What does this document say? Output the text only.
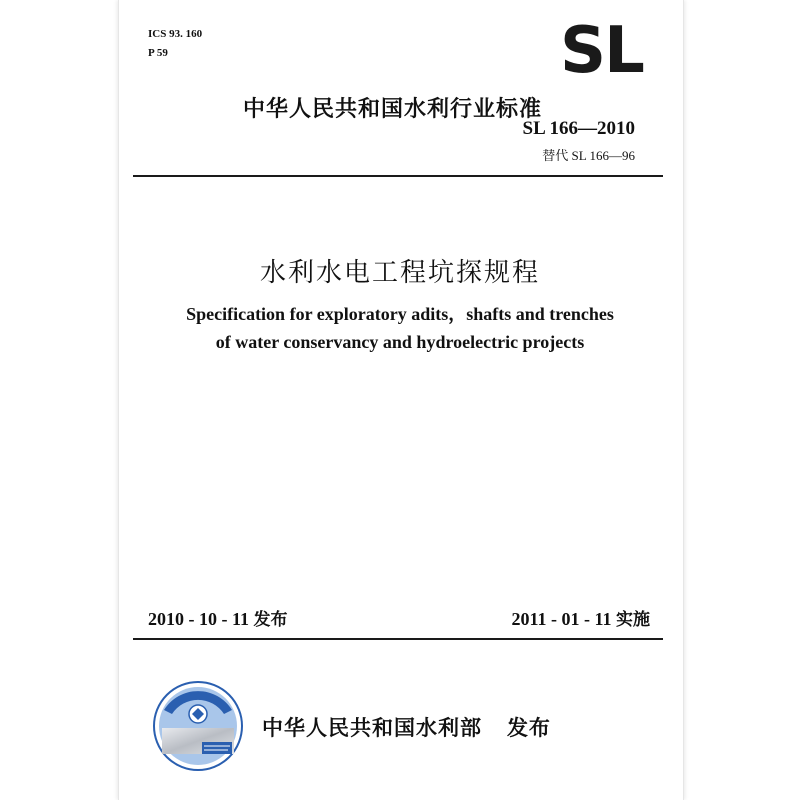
ICS 93. 160
P 59	SL
中华人民共和国水利行业标准
SL 166—2010
替代 SL 166—96
水利水电工程坑探规程
Specification for exploratory adits，shafts and trenches
of water conservancy and hydroelectric projects
2010 - 10 - 11 发布	2011 - 01 - 11 实施
中华人民共和国水利部 发布
